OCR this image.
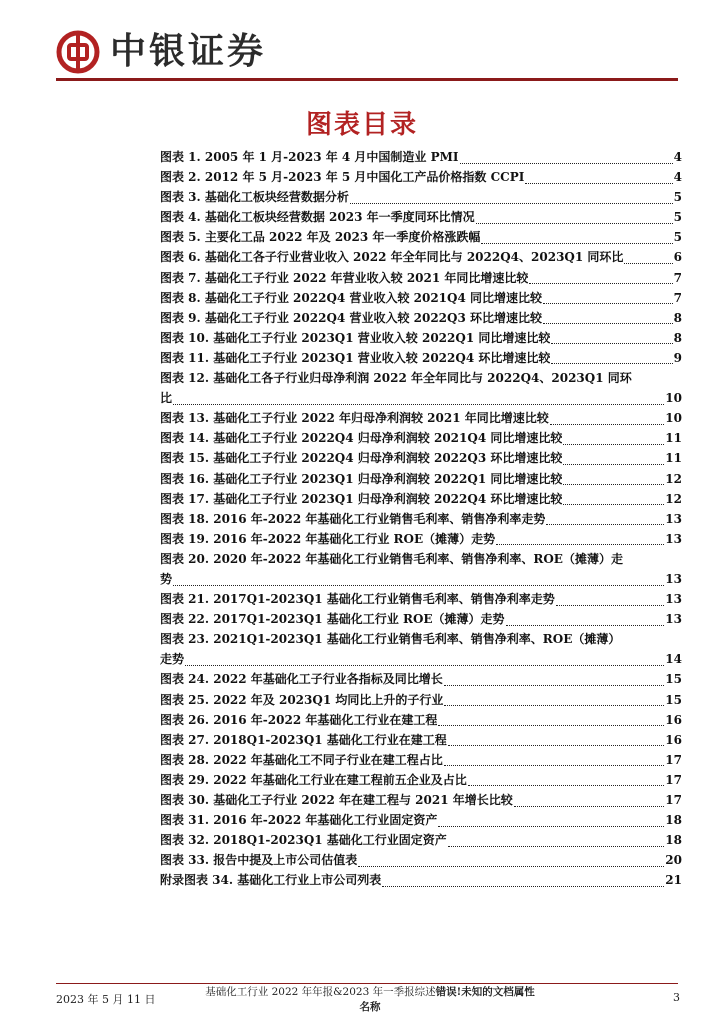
中银证券
图表目录
图表 1. 2005 年 1 月-2023 年 4 月中国制造业 PMI	4
图表 2. 2012 年 5 月-2023 年 5 月中国化工产品价格指数 CCPI	4
图表 3. 基础化工板块经营数据分析	5
图表 4. 基础化工板块经营数据 2023 年一季度同环比情况	5
图表 5. 主要化工品 2022 年及 2023 年一季度价格涨跌幅	5
图表 6. 基础化工各子行业营业收入 2022 年全年同比与 2022Q4、2023Q1 同环比	6
图表 7. 基础化工子行业 2022 年营业收入较 2021 年同比增速比较	7
图表 8. 基础化工子行业 2022Q4 营业收入较 2021Q4 同比增速比较	7
图表 9. 基础化工子行业 2022Q4 营业收入较 2022Q3 环比增速比较	8
图表 10. 基础化工子行业 2023Q1 营业收入较 2022Q1 同比增速比较	8
图表 11. 基础化工子行业 2023Q1 营业收入较 2022Q4 环比增速比较	9
图表 12. 基础化工各子行业归母净利润 2022 年全年同比与 2022Q4、2023Q1 同环
比	10
图表 13. 基础化工子行业 2022 年归母净利润较 2021 年同比增速比较	10
图表 14. 基础化工子行业 2022Q4 归母净利润较 2021Q4 同比增速比较	11
图表 15. 基础化工子行业 2022Q4 归母净利润较 2022Q3 环比增速比较	11
图表 16. 基础化工子行业 2023Q1 归母净利润较 2022Q1 同比增速比较	12
图表 17. 基础化工子行业 2023Q1 归母净利润较 2022Q4 环比增速比较	12
图表 18. 2016 年-2022 年基础化工行业销售毛利率、销售净利率走势	13
图表 19. 2016 年-2022 年基础化工行业 ROE（摊薄）走势	13
图表 20. 2020 年-2022 年基础化工行业销售毛利率、销售净利率、ROE（摊薄）走
势	13
图表 21. 2017Q1-2023Q1 基础化工行业销售毛利率、销售净利率走势	13
图表 22. 2017Q1-2023Q1 基础化工行业 ROE（摊薄）走势	13
图表 23. 2021Q1-2023Q1 基础化工行业销售毛利率、销售净利率、ROE（摊薄）
走势	14
图表 24. 2022 年基础化工子行业各指标及同比增长	15
图表 25. 2022 年及 2023Q1 均同比上升的子行业	15
图表 26. 2016 年-2022 年基础化工行业在建工程	16
图表 27. 2018Q1-2023Q1 基础化工行业在建工程	16
图表 28. 2022 年基础化工不同子行业在建工程占比	17
图表 29. 2022 年基础化工行业在建工程前五企业及占比	17
图表 30. 基础化工子行业 2022 年在建工程与 2021 年增长比较	17
图表 31. 2016 年-2022 年基础化工行业固定资产	18
图表 32. 2018Q1-2023Q1 基础化工行业固定资产	18
图表 33. 报告中提及上市公司估值表	20
附录图表 34. 基础化工行业上市公司列表	21
2023 年 5 月 11 日
基础化工行业 2022 年年报&2023 年一季报综述错误!未知的文档属性
名称
3
